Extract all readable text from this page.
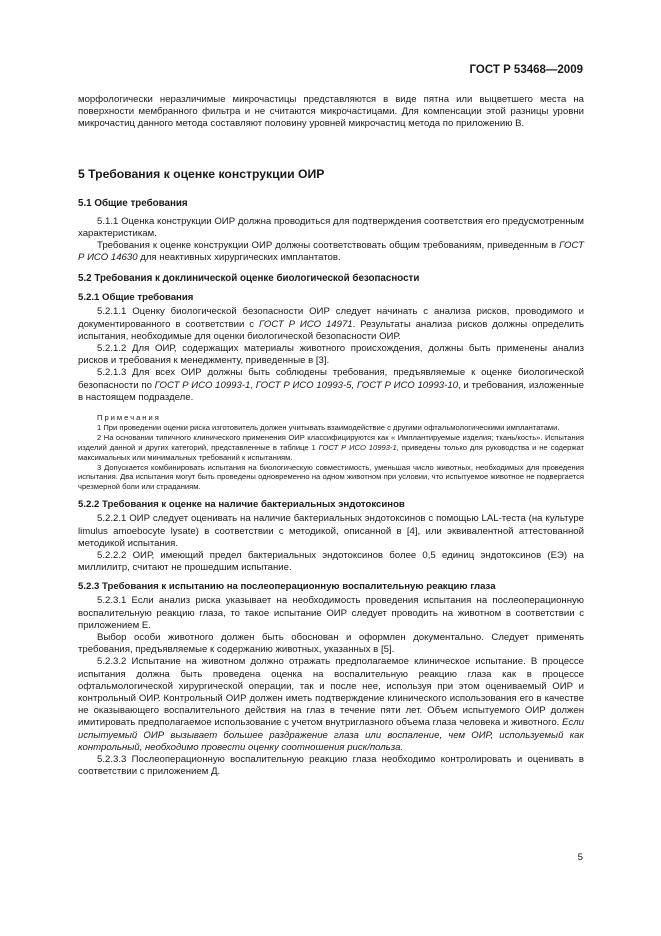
ГОСТ Р 53468—2009

морфологически неразличимые микрочастицы представляются в виде пятна или выцветшего места на поверхности мембранного фильтра и не считаются микрочастицами. Для компенсации этой разницы уровни микрочастиц данного метода составляют половину уровней микрочастиц метода по приложению В.

5 Требования к оценке конструкции ОИР
5.1 Общие требования

5.1.1 Оценка конструкции ОИР должна проводиться для подтверждения соответствия его предусмотренным характеристикам.

Требования к оценке конструкции ОИР должны соответствовать общим требованиям, приведенным в ГОСТ Р ИСО 14630 для неактивных хирургических имплантатов.

5.2 Требования к доклинической оценке биологической безопасности
5.2.1 Общие требования

5.2.1.1 Оценку биологической безопасности ОИР следует начинать с анализа рисков, проводимого и документированного в соответствии с ГОСТ Р ИСО 14971. Результаты анализа рисков должны определить испытания, необходимые для оценки биологической безопасности ОИР.

5.2.1.2 Для ОИР, содержащих материалы животного происхождения, должны быть применены анализ рисков и требования к менеджменту, приведенные в [3].

5.2.1.3 Для всех ОИР должны быть соблюдены требования, предъявляемые к оценке биологической безопасности по ГОСТ Р ИСО 10993-1, ГОСТ Р ИСО 10993-5, ГОСТ Р ИСО 10993-10, и требования, изложенные в настоящем подразделе.

Примечания

1 При проведении оценки риска изготовитель должен учитывать взаимодействие с другими офтальмологическими имплантатами.

2 На основании типичного клинического применения ОИР классифицируются как « Имплантируемые изделия; ткань/кость». Испытания изделий данной и других категорий, представленные в таблице 1 ГОСТ Р ИСО 10993-1, приведены только для руководства и не содержат максимальных или минимальных требований к испытаниям.

3 Допускается комбинировать испытания на биологическую совместимость, уменьшая число животных, необходимых для проведения испытания. Два испытания могут быть проведены одновременно на одном животном при условии, что испытуемое животное не подвергается чрезмерной боли или страданиям.

5.2.2 Требования к оценке на наличие бактериальных эндотоксинов

5.2.2.1 ОИР следует оценивать на наличие бактериальных эндотоксинов с помощью LAL-теста (на культуре limulus amoebocyte lysate) в соответствии с методикой, описанной в [4], или эквивалентной аттестованной методикой испытания.

5.2.2.2 ОИР, имеющий предел бактериальных эндотоксинов более 0,5 единиц эндотоксинов (ЕЭ) на миллилитр, считают не прошедшим испытание.

5.2.3 Требования к испытанию на послеоперационную воспалительную реакцию глаза

5.2.3.1 Если анализ риска указывает на необходимость проведения испытания на послеоперационную воспалительную реакцию глаза, то такое испытание ОИР следует проводить на животном в соответствии с приложением Е.

Выбор особи животного должен быть обоснован и оформлен документально. Следует применять требования, предъявляемые к содержанию животных, указанных в [5].

5.2.3.2 Испытание на животном должно отражать предполагаемое клиническое испытание. В процессе испытания должна быть проведена оценка на воспалительную реакцию глаза как в процессе офтальмологической хирургической операции, так и после нее, используя при этом оцениваемый ОИР и контрольный ОИР. Контрольный ОИР должен иметь подтверждение клинического использования его в качестве не оказывающего воспалительного действия на глаз в течение пяти лет. Объем испытуемого ОИР должен имитировать предполагаемое использование с учетом внутриглазного объема глаза человека и животного. Если испытуемый ОИР вызывает большее раздражение глаза или воспаление, чем ОИР, используемый как контрольный, необходимо провести оценку соотношения риск/польза.

5.2.3.3 Послеоперационную воспалительную реакцию глаза необходимо контролировать и оценивать в соответствии с приложением Д.

5
